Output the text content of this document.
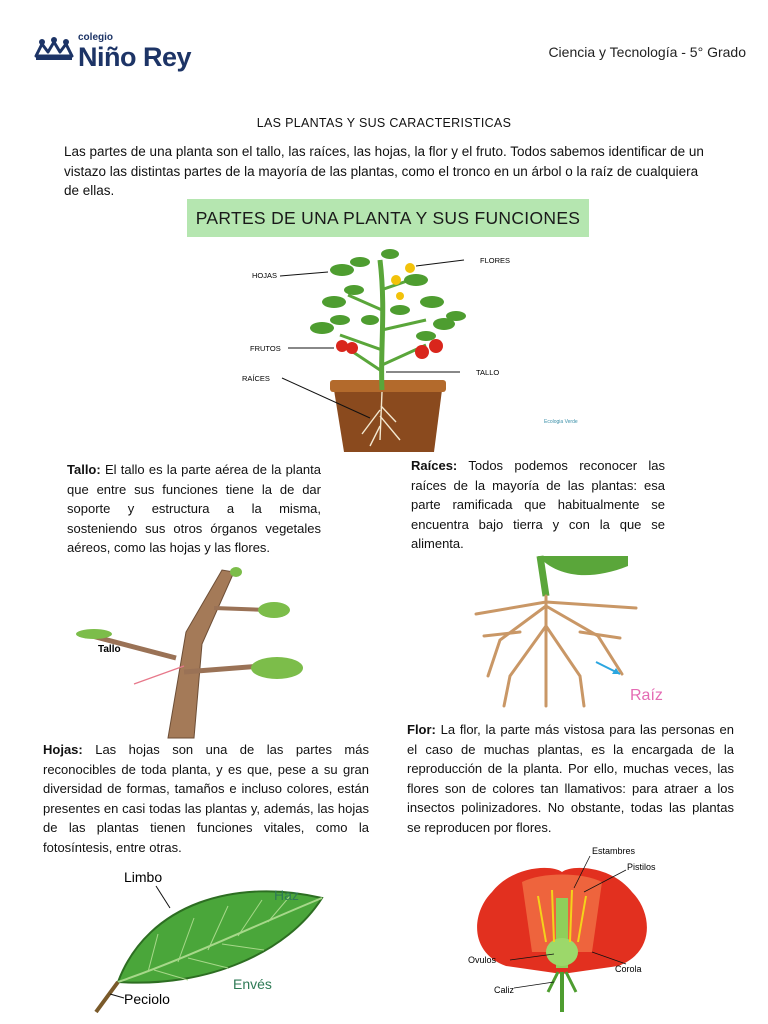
colegio
Niño Rey	Ciencia y Tecnología - 5° Grado
LAS PLANTAS Y SUS CARACTERISTICAS
Las partes de una planta son el tallo, las raíces, las hojas, la flor y el fruto. Todos sabemos identificar de un vistazo las distintas partes de la mayoría de las plantas, como el tronco en un árbol o la raíz de cualquiera de ellas.
PARTES DE UNA PLANTA Y SUS FUNCIONES
HOJAS
FLORES
FRUTOS
RAÍCES
TALLO
Ecologia Verde
Tallo: El tallo es la parte aérea de la planta que entre sus funciones tiene la de dar soporte y estructura a la misma, sosteniendo sus otros órganos vegetales aéreos, como las hojas y las flores.
Raíces: Todos podemos reconocer las raíces de la mayoría de las plantas: esa parte ramificada que habitualmente se encuentra bajo tierra y con la que se alimenta.
Tallo
Raíz
Hojas: Las hojas son una de las partes más reconocibles de toda planta, y es que, pese a su gran diversidad de formas, tamaños e incluso colores, están presentes en casi todas las plantas y, además, las hojas de las plantas tienen funciones vitales, como la fotosíntesis, entre otras.
Flor: La flor, la parte más vistosa para las personas en el caso de muchas plantas, es la encargada de la reproducción de la planta. Por ello, muchas veces, las flores son de colores tan llamativos: para atraer a los insectos polinizadores. No obstante, todas las plantas se reproducen por flores.
Limbo
Haz
Envés
Peciolo
Estambres
Pistilos
Ovulos
Corola
Caliz
